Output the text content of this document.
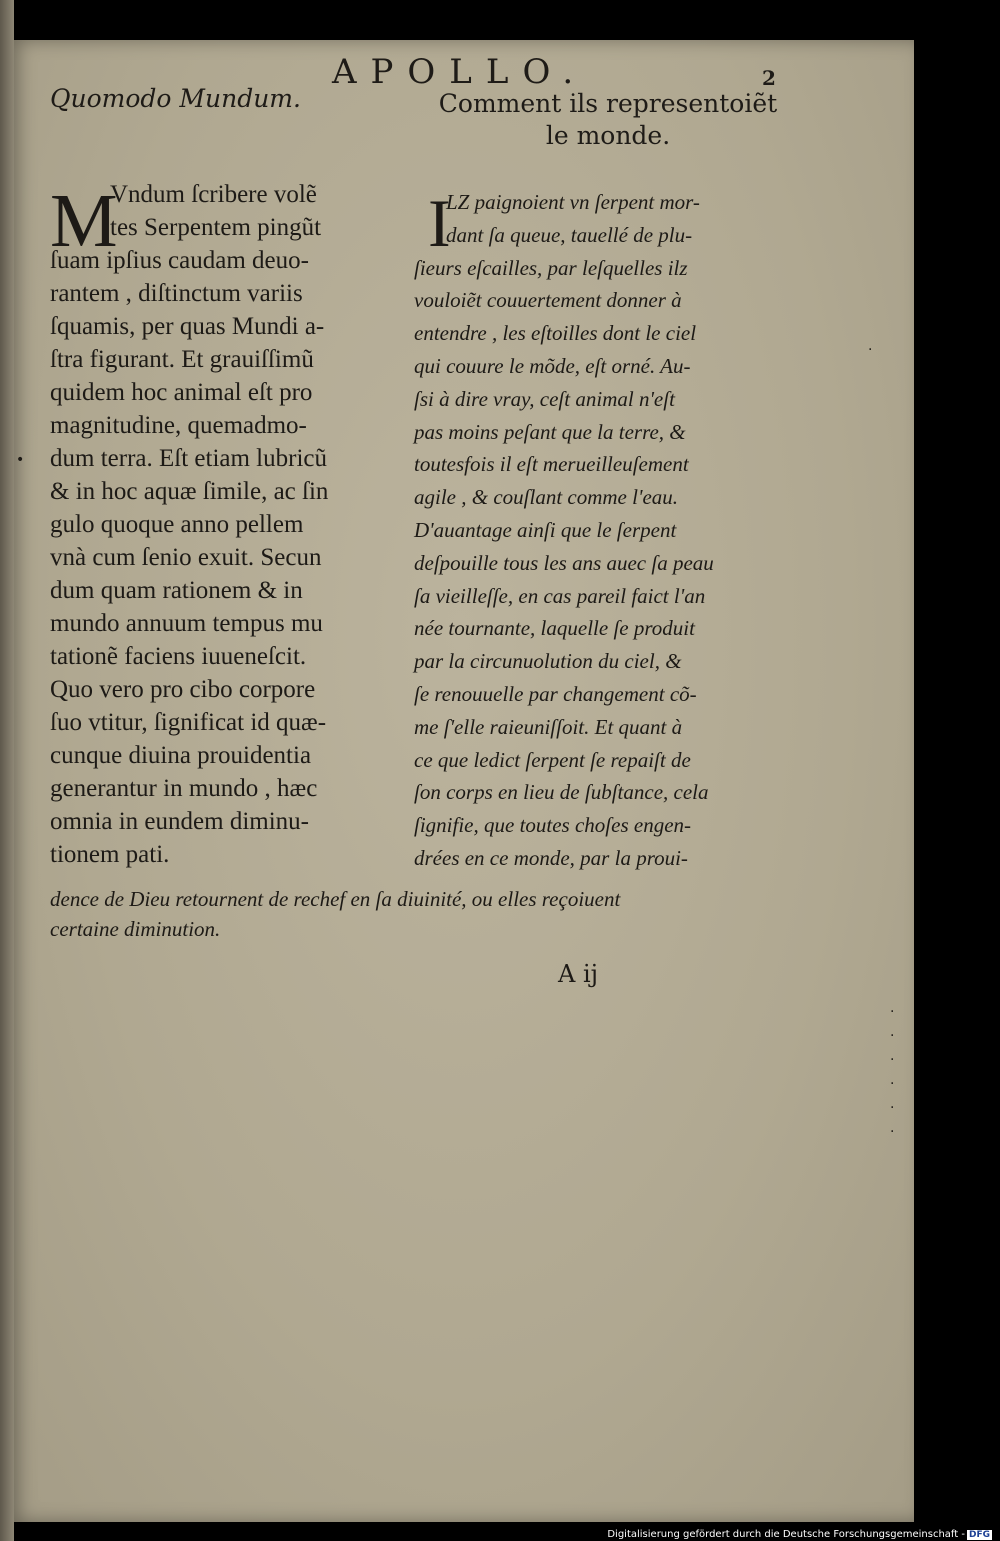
APOLLO.	2
Quomodo Mundum.	Comment ils representoiẽt
le monde.
M
Vndum ſcribere volẽ
tes Serpentem pingũt
ſuam ipſius caudam deuo-
rantem , diſtinctum variis
ſquamis, per quas Mundi a-
ſtra figurant. Et grauiſſimũ
quidem hoc animal eſt pro
magnitudine, quemadmo-
dum terra. Eſt etiam lubricũ
& in hoc aquæ ſimile, ac ſin
gulo quoque anno pellem
vnà cum ſenio exuit. Secun
dum quam rationem & in
mundo annuum tempus mu
tationẽ faciens iuueneſcit.
Quo vero pro cibo corpore
ſuo vtitur, ſignificat id quæ-
cunque diuina prouidentia
generantur in mundo , hæc
omnia in eundem diminu-
tionem pati.
I
LZ paignoient vn ſerpent mor-
dant ſa queue, tauellé de plu-
ſieurs eſcailles, par leſquelles ilz
vouloiẽt couuertement donner à
entendre , les eſtoilles dont le ciel
qui couure le mõde, eſt orné. Au-
ſsi à dire vray, ceſt animal n'eſt
pas moins peſant que la terre, &
toutesfois il eſt merueilleuſement
agile , & couſlant comme l'eau.
D'auantage ainſi que le ſerpent
deſpouille tous les ans auec ſa peau
ſa vieilleſſe, en cas pareil faict l'an
née tournante, laquelle ſe produit
par la circunuolution du ciel, &
ſe renouuelle par changement cõ-
me ſ'elle raieuniſſoit. Et quant à
ce que ledict ſerpent ſe repaiſt de
ſon corps en lieu de ſubſtance, cela
ſignifie, que toutes choſes engen-
drées en ce monde, par la proui-
dence de Dieu retournent de rechef en ſa diuinité, ou elles reçoiuent
certaine diminution.
A ij
•
·
·
·
·
·
·
·
Digitalisierung gefördert durch die Deutsche Forschungsgemeinschaft - DFG
